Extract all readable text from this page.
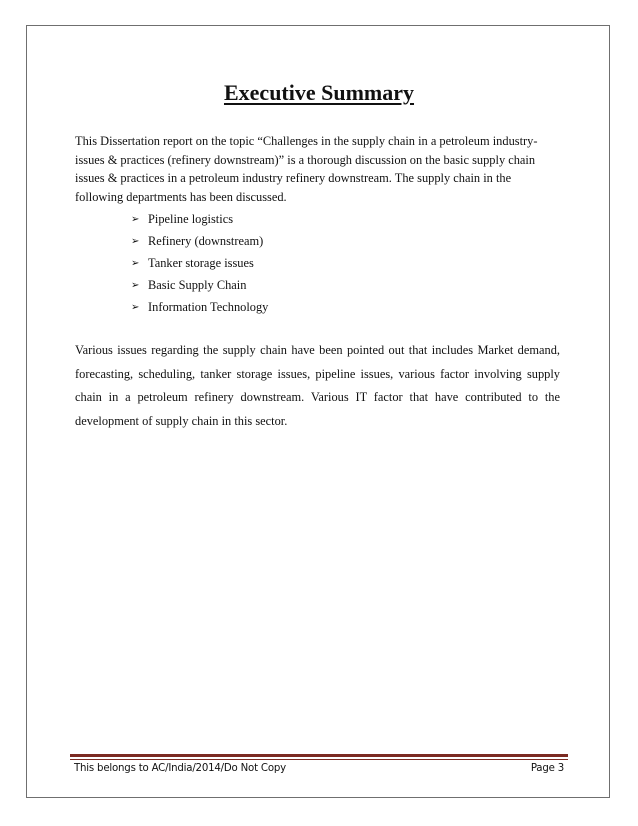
Executive Summary

This Dissertation report on the topic “Challenges in the supply chain in a petroleum industry-
issues & practices (refinery downstream)” is a thorough discussion on the basic supply chain
issues & practices in a petroleum industry refinery downstream. The supply chain in the
following departments has been discussed.

➢ Pipeline logistics
➢ Refinery (downstream)
➢ Tanker storage issues
➢ Basic Supply Chain
➢ Information Technology

Various issues regarding the supply chain have been pointed out that includes Market demand,
forecasting, scheduling, tanker storage issues, pipeline issues, various factor involving supply
chain in a petroleum refinery downstream. Various IT factor that have contributed to the
development of supply chain in this sector.

This belongs to AC/India/2014/Do Not Copy	Page 3
